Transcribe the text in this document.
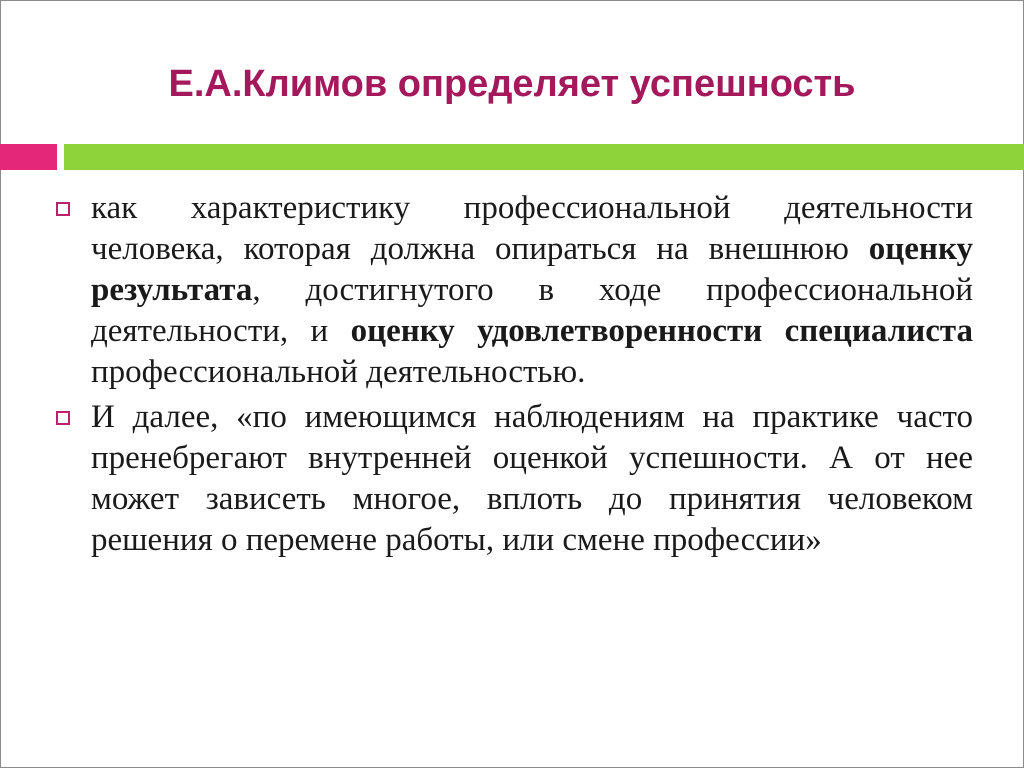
Е.А.Климов определяет успешность

как характеристику профессиональной деятельности человека, которая должна опираться на внешнюю оценку результата, достигнутого в ходе профессиональной деятельности, и оценку удовлетворенности специалиста профессиональной деятельностью.

И далее, «по имеющимся наблюдениям на практике часто пренебрегают внутренней оценкой успешности. А от нее может зависеть многое, вплоть до принятия человеком решения о перемене работы, или смене профессии»
